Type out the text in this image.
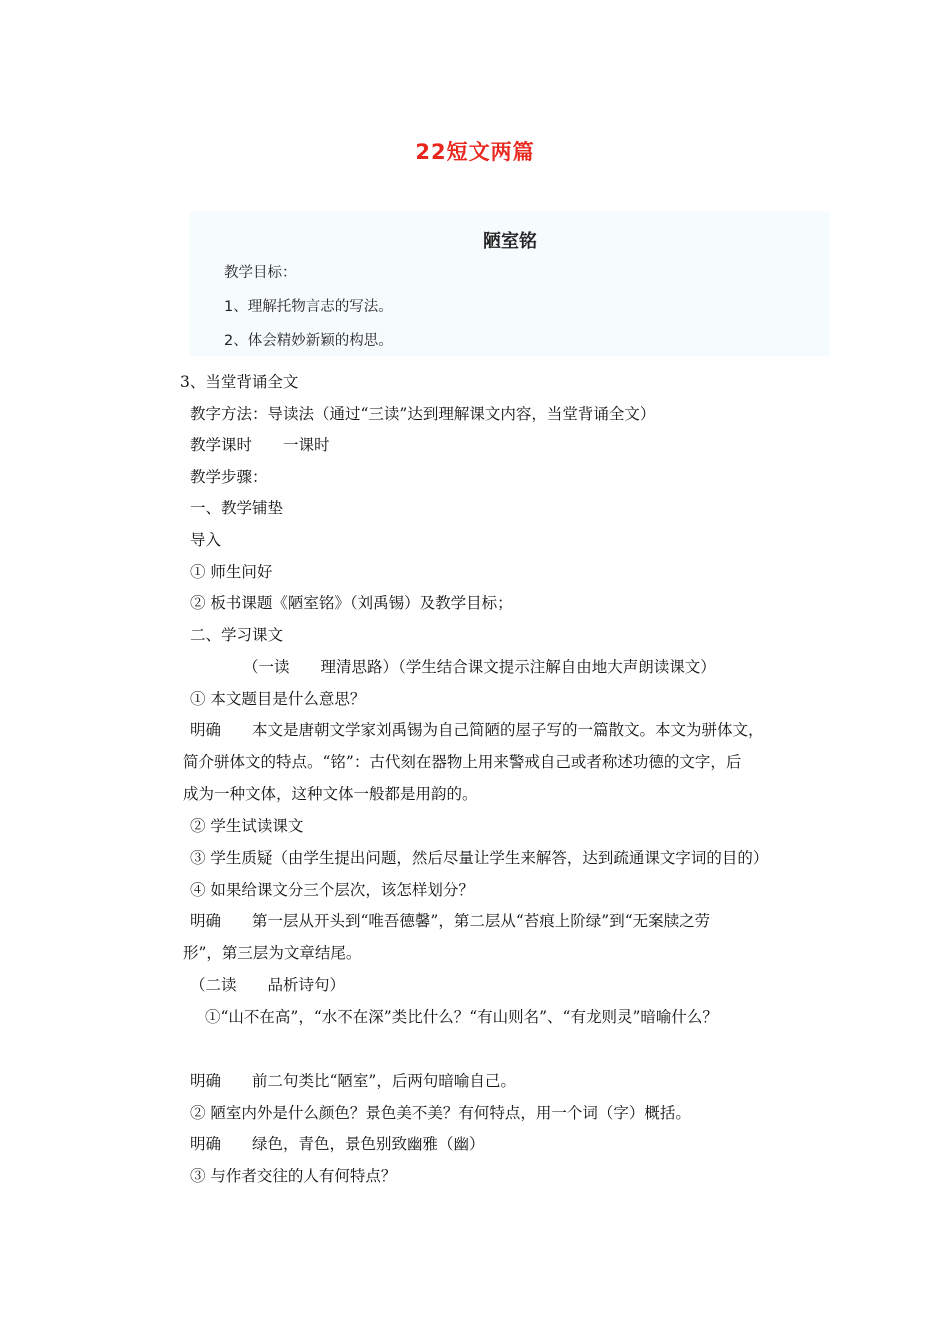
22短文两篇
陋室铭
教学目标：
1、理解托物言志的写法。
2、体会精妙新颖的构思。
3、当堂背诵全文
教字方法：导读法（通过“三读”达到理解课文内容，当堂背诵全文）
教学课时　　一课时
教学步骤：
一、教学铺垫
导入
① 师生问好
② 板书课题《陋室铭》（刘禹锡）及教学目标；
二、学习课文
（一读　　理清思路）（学生结合课文提示注解自由地大声朗读课文）
① 本文题目是什么意思？
明确　　本文是唐朝文学家刘禹锡为自己简陋的屋子写的一篇散文。本文为骈体文，
简介骈体文的特点。“铭”：古代刻在器物上用来警戒自己或者称述功德的文字，后
成为一种文体，这种文体一般都是用韵的。
② 学生试读课文
③ 学生质疑（由学生提出问题，然后尽量让学生来解答，达到疏通课文字词的目的）
④ 如果给课文分三个层次，该怎样划分？
明确　　第一层从开头到“唯吾德馨”，第二层从“苔痕上阶绿”到“无案牍之劳
形”，第三层为文章结尾。
（二读　　品析诗句）
①“山不在高”，“水不在深”类比什么？“有山则名”、“有龙则灵”暗喻什么？
明确　　前二句类比“陋室”，后两句暗喻自己。
② 陋室内外是什么颜色？景色美不美？有何特点，用一个词（字）概括。
明确　　绿色，青色，景色别致幽雅（幽）
③ 与作者交往的人有何特点？
